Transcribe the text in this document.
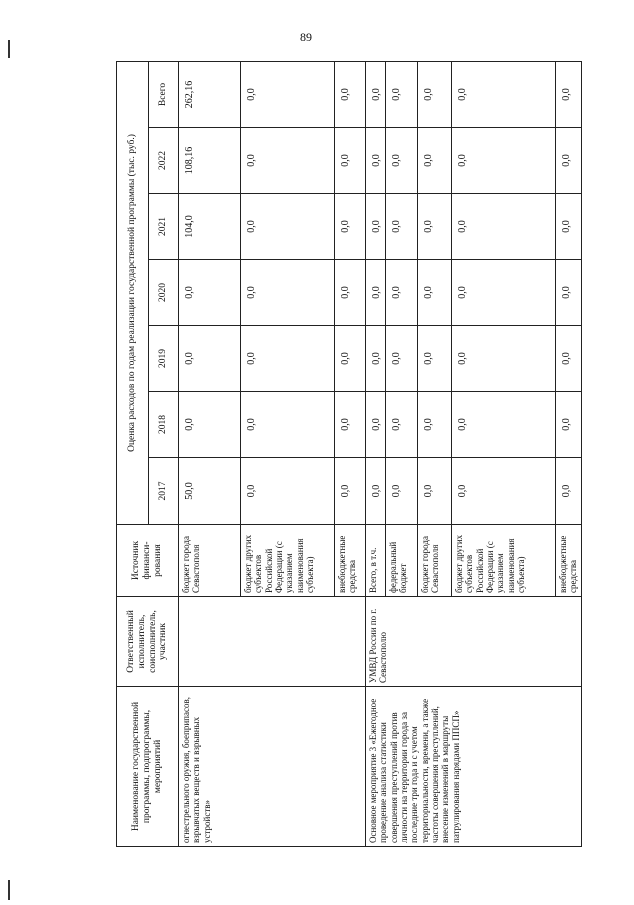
89
Наименование государственной программы, подпрограммы, мероприятий	Ответственный исполнитель, соисполнитель, участник	Источник финанси-рования	Оценка расходов по годам реализации государственной программы (тыс. руб.)						
			2017	2018	2019	2020	2021	2022	Всего
огнестрельного оружия, боеприпасов, взрывчатых веществ и взрывных устройств»		бюджет города Севастополя	50,0	0,0	0,0	0,0	104,0	108,16	262,16
		бюджет других субъектов Российской Федерации (с указанием наименования субъекта)	0,0	0,0	0,0	0,0	0,0	0,0	0,0
		внебюджетные средства	0,0	0,0	0,0	0,0	0,0	0,0	0,0
Основное мероприятие 3 «Ежегодное проведение анализа статистики совершения преступлений против личности на территории города за последние три года и с учетом территориальности, времени, а также частоты совершения преступлений, внесение изменений в маршруты патрулирования нарядами ППСП»	УМВД России по г. Севастополю	Всего, в т.ч.	0,0	0,0	0,0	0,0	0,0	0,0	0,0
		федеральный бюджет	0,0	0,0	0,0	0,0	0,0	0,0	0,0
		бюджет города Севастополя	0,0	0,0	0,0	0,0	0,0	0,0	0,0
		бюджет других субъектов Российской Федерации (с указанием наименования субъекта)	0,0	0,0	0,0	0,0	0,0	0,0	0,0
		внебюджетные средства	0,0	0,0	0,0	0,0	0,0	0,0	0,0
